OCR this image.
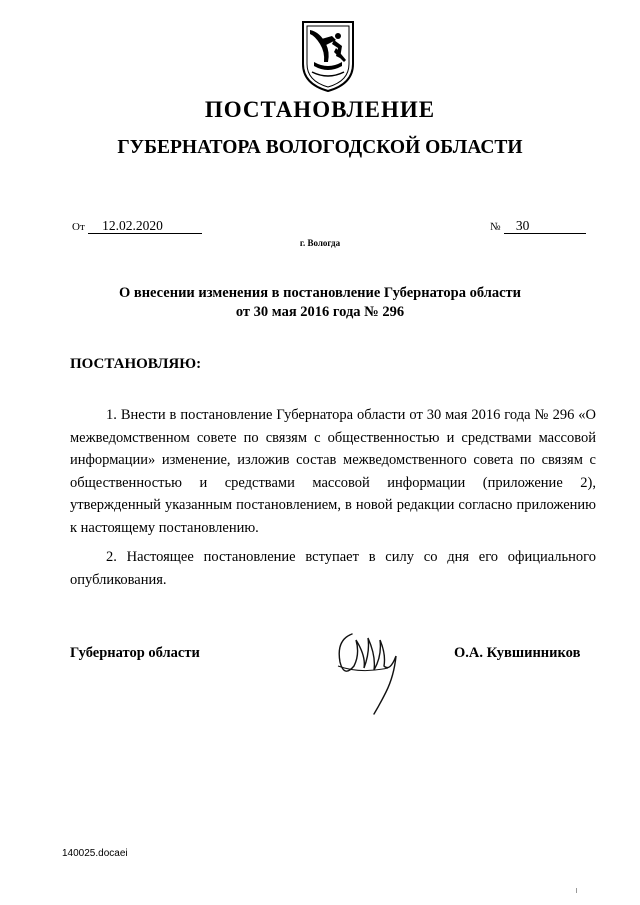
ПОСТАНОВЛЕНИЕ
ГУБЕРНАТОРА ВОЛОГОДСКОЙ ОБЛАСТИ
От 12.02.2020	№ 30
г. Вологда
О внесении изменения в постановление Губернатора области
от 30 мая 2016 года № 296
ПОСТАНОВЛЯЮ:

1. Внести в постановление Губернатора области от 30 мая 2016 года № 296 «О межведомственном совете по связям с общественностью и средствами массовой информации» изменение, изложив состав межведомственного совета по связям с общественностью и средствами массовой информации (приложение 2), утвержденный указанным постановлением, в новой редакции согласно приложению к настоящему постановлению.

2. Настоящее постановление вступает в силу со дня его официального опубликования.

Губернатор области	О.А. Кувшинников
140025.docaei
